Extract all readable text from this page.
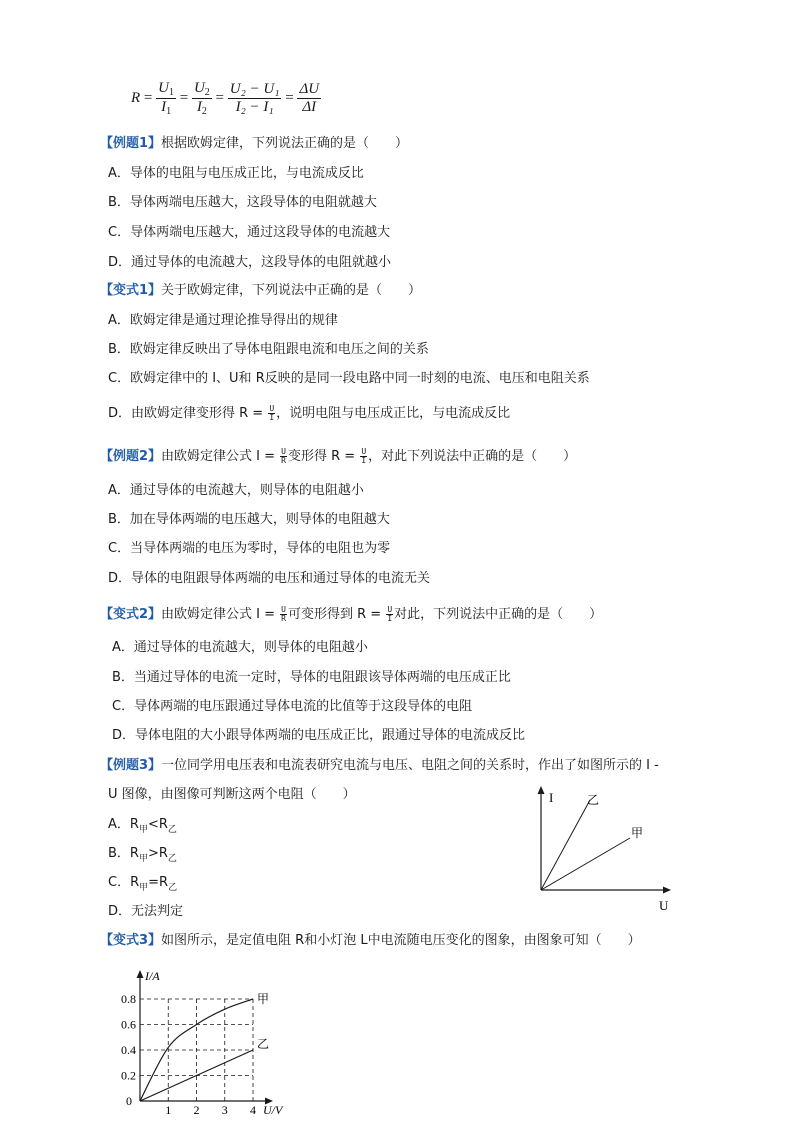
$R = \frac{U_1}{I_1} = \frac{U_2}{I_2} = \frac{\text{U₂ − U₁}}{\text{I₂ − I₁}} = \frac{\Delta U}{\Delta I}$
【例题1】根据欧姆定律，下列说法正确的是（　　）
A．导体的电阻与电压成正比，与电流成反比
B．导体两端电压越大，这段导体的电阻就越大
C．导体两端电压越大，通过这段导体的电流越大
D．通过导体的电流越大，这段导体的电阻就越小
【变式1】关于欧姆定律，下列说法中正确的是（　　）
A．欧姆定律是通过理论推导得出的规律
B．欧姆定律反映出了导体电阻跟电流和电压之间的关系
C．欧姆定律中的 I、U和 R反映的是同一段电路中同一时刻的电流、电压和电阻关系
D．由欧姆定律变形得 $R = \frac{U}{I}$ ，说明电阻与电压成正比，与电流成反比
【例题2】由欧姆定律公式 $I = \frac{U}{R}$ 变形得 $R = \frac{U}{I}$ ，对此下列说法中正确的是（　　）
A．通过导体的电流越大，则导体的电阻越小
B．加在导体两端的电压越大，则导体的电阻越大
C．当导体两端的电压为零时，导体的电阻也为零
D．导体的电阻跟导体两端的电压和通过导体的电流无关
【变式2】由欧姆定律公式 $I = \frac{U}{R}$ 可变形得到 $R = \frac{U}{I}$ 对此，下列说法中正确的是（　　）
A．通过导体的电流越大，则导体的电阻越小
B．当通过导体的电流一定时，导体的电阻跟该导体两端的电压成正比
C．导体两端的电压跟通过导体电流的比值等于这段导体的电阻
D．导体电阻的大小跟导体两端的电压成正比，跟通过导体的电流成反比
【例题3】一位同学用电压表和电流表研究电流与电压、电阻之间的关系时，作出了如图所示的 I -
U 图像，由图像可判断这两个电阻（　　）
A．$R_甲<R_乙$
B．$R_甲>R_乙$
C．$R_甲=R_乙$
D．无法判定
I
U
乙
甲
【变式3】如图所示，是定值电阻 R和小灯泡 L中电流随电压变化的图象，由图象可知（　　）
1 2 3 4
0.2
0.4
0.6
0.8
0
I/A
U/V
甲
乙
